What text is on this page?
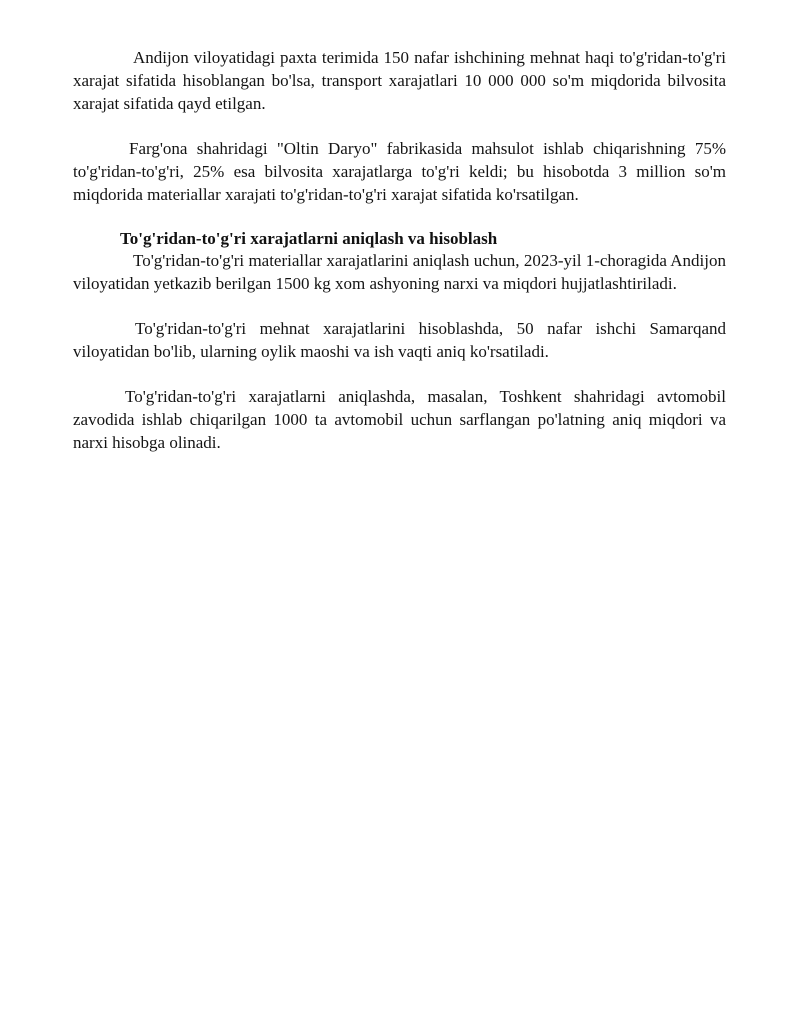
Andijon viloyatidagi paxta terimida 150 nafar ishchining mehnat haqi to'g'ridan-to'g'ri xarajat sifatida hisoblangan bo'lsa, transport xarajatlari 10 000 000 so'm miqdorida bilvosita xarajat sifatida qayd etilgan.

Farg'ona shahridagi "Oltin Daryo" fabrikasida mahsulot ishlab chiqarishning 75% to'g'ridan-to'g'ri, 25% esa bilvosita xarajatlarga to'g'ri keldi; bu hisobotda 3 million so'm miqdorida materiallar xarajati to'g'ridan-to'g'ri xarajat sifatida ko'rsatilgan.

To'g'ridan-to'g'ri xarajatlarni aniqlash va hisoblash

To'g'ridan-to'g'ri materiallar xarajatlarini aniqlash uchun, 2023-yil 1-choragida Andijon viloyatidan yetkazib berilgan 1500 kg xom ashyoning narxi va miqdori hujjatlashtiriladi.

To'g'ridan-to'g'ri mehnat xarajatlarini hisoblashda, 50 nafar ishchi Samarqand viloyatidan bo'lib, ularning oylik maoshi va ish vaqti aniq ko'rsatiladi.

To'g'ridan-to'g'ri xarajatlarni aniqlashda, masalan, Toshkent shahridagi avtomobil zavodida ishlab chiqarilgan 1000 ta avtomobil uchun sarflangan po'latning aniq miqdori va narxi hisobga olinadi.
